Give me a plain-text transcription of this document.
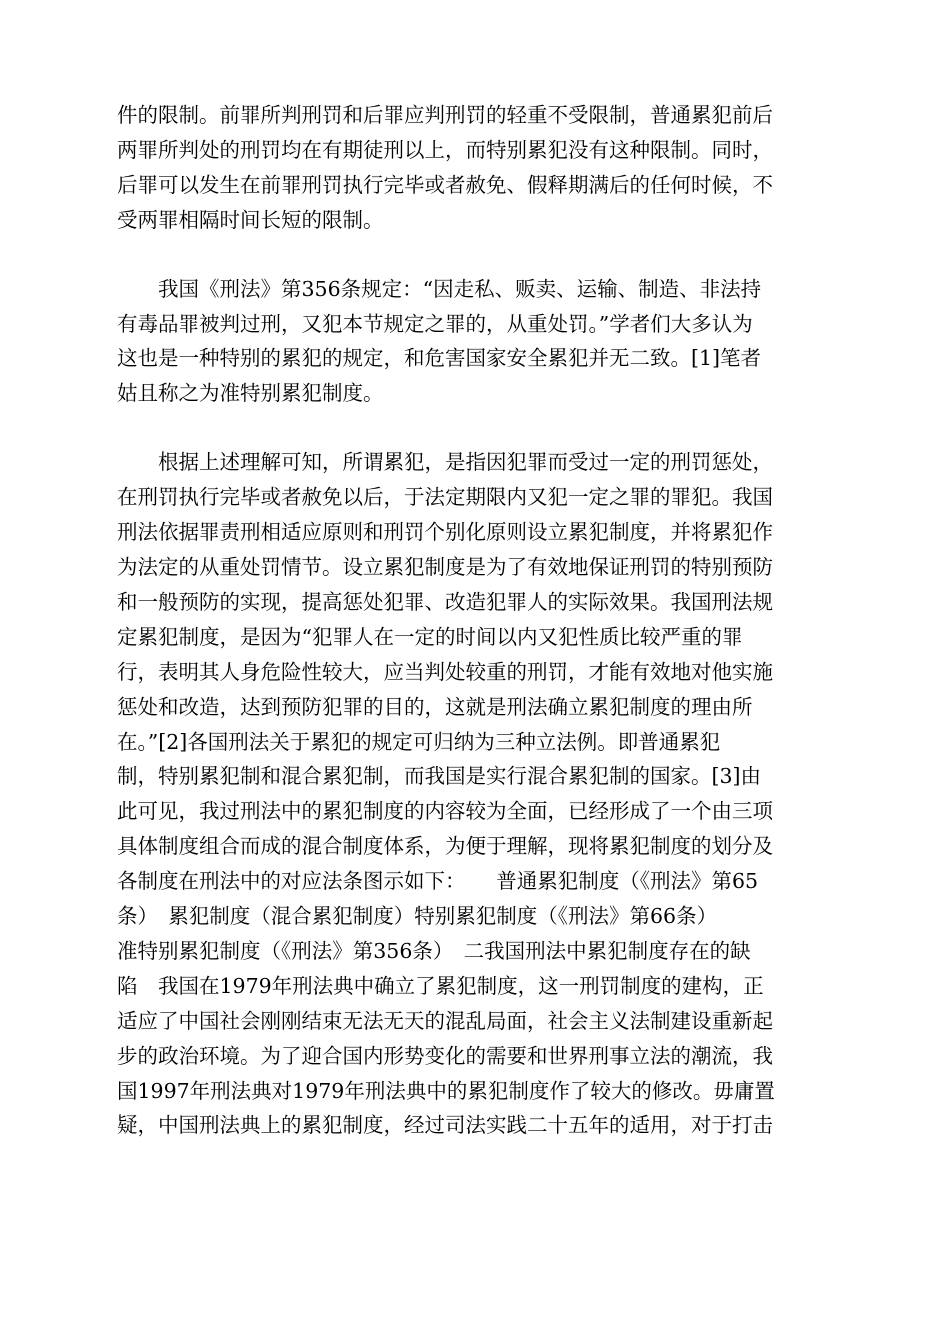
件的限制。前罪所判刑罚和后罪应判刑罚的轻重不受限制，普通累犯前后
两罪所判处的刑罚均在有期徒刑以上，而特别累犯没有这种限制。同时，
后罪可以发生在前罪刑罚执行完毕或者赦免、假释期满后的任何时候，不
受两罪相隔时间长短的限制。
我国《刑法》第356条规定：“因走私、贩卖、运输、制造、非法持
有毒品罪被判过刑，又犯本节规定之罪的，从重处罚。”学者们大多认为
这也是一种特别的累犯的规定，和危害国家安全累犯并无二致。[1]笔者
姑且称之为准特别累犯制度。
根据上述理解可知，所谓累犯，是指因犯罪而受过一定的刑罚惩处，
在刑罚执行完毕或者赦免以后，于法定期限内又犯一定之罪的罪犯。我国
刑法依据罪责刑相适应原则和刑罚个别化原则设立累犯制度，并将累犯作
为法定的从重处罚情节。设立累犯制度是为了有效地保证刑罚的特别预防
和一般预防的实现，提高惩处犯罪、改造犯罪人的实际效果。我国刑法规
定累犯制度，是因为“犯罪人在一定的时间以内又犯性质比较严重的罪
行，表明其人身危险性较大，应当判处较重的刑罚，才能有效地对他实施
惩处和改造，达到预防犯罪的目的，这就是刑法确立累犯制度的理由所
在。”[2]各国刑法关于累犯的规定可归纳为三种立法例。即普通累犯
制，特别累犯制和混合累犯制，而我国是实行混合累犯制的国家。[3]由
此可见，我过刑法中的累犯制度的内容较为全面，已经形成了一个由三项
具体制度组合而成的混合制度体系，为便于理解，现将累犯制度的划分及
各制度在刑法中的对应法条图示如下：　　普通累犯制度（《刑法》第65
条）　累犯制度（混合累犯制度）特别累犯制度（《刑法》第66条）
准特别累犯制度（《刑法》第356条）　二我国刑法中累犯制度存在的缺
陷　我国在1979年刑法典中确立了累犯制度，这一刑罚制度的建构，正
适应了中国社会刚刚结束无法无天的混乱局面，社会主义法制建设重新起
步的政治环境。为了迎合国内形势变化的需要和世界刑事立法的潮流，我
国1997年刑法典对1979年刑法典中的累犯制度作了较大的修改。毋庸置
疑，中国刑法典上的累犯制度，经过司法实践二十五年的适用，对于打击
